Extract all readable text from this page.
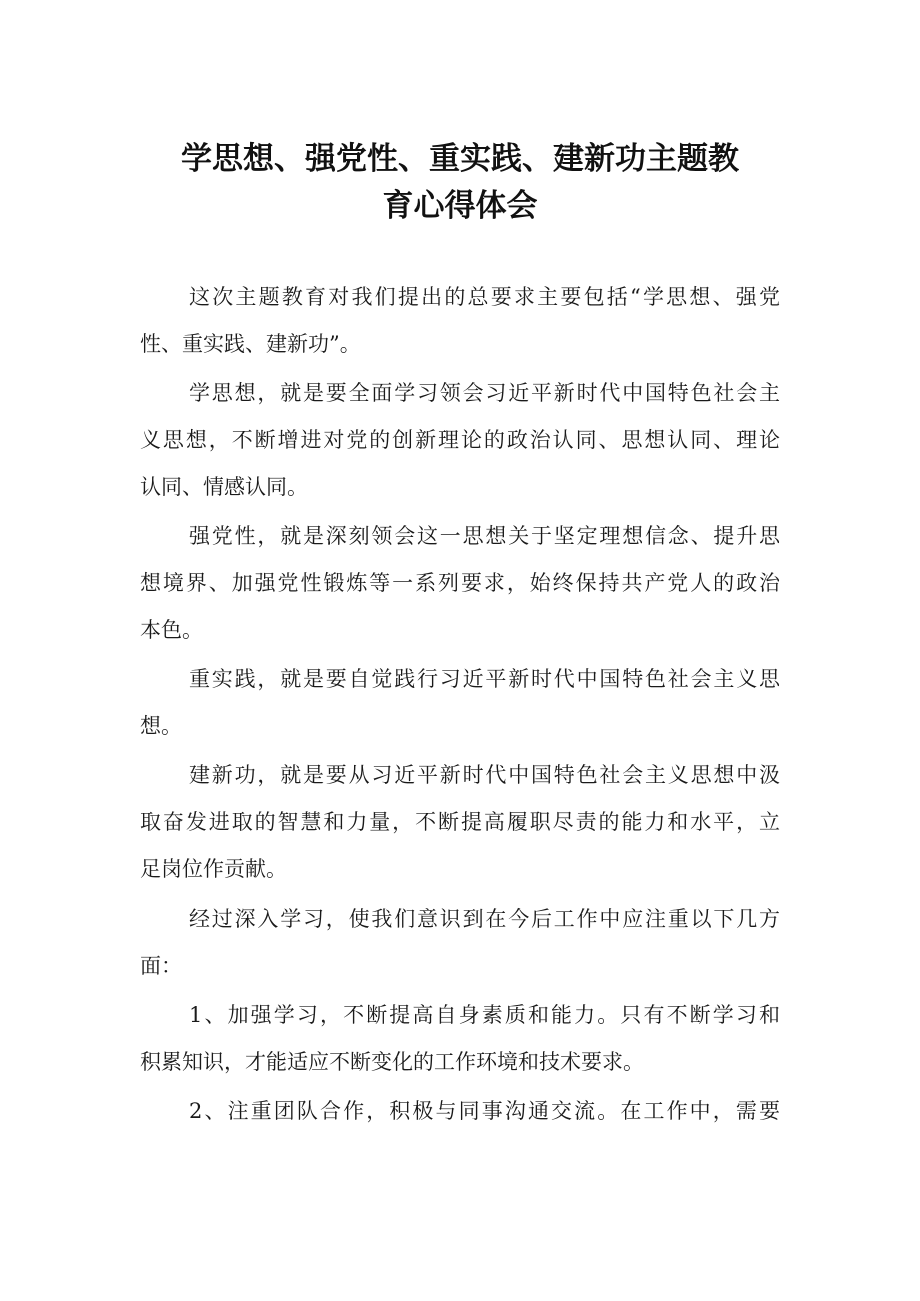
学思想、强党性、重实践、建新功主题教
育心得体会

这次主题教育对我们提出的总要求主要包括“学思想、强党

性、重实践、建新功”。

学思想，就是要全面学习领会习近平新时代中国特色社会主

义思想，不断增进对党的创新理论的政治认同、思想认同、理论

认同、情感认同。

强党性，就是深刻领会这一思想关于坚定理想信念、提升思

想境界、加强党性锻炼等一系列要求，始终保持共产党人的政治

本色。

重实践，就是要自觉践行习近平新时代中国特色社会主义思

想。

建新功，就是要从习近平新时代中国特色社会主义思想中汲

取奋发进取的智慧和力量，不断提高履职尽责的能力和水平，立

足岗位作贡献。

经过深入学习，使我们意识到在今后工作中应注重以下几方

面：

1、加强学习，不断提高自身素质和能力。只有不断学习和

积累知识，才能适应不断变化的工作环境和技术要求。

2、注重团队合作，积极与同事沟通交流。在工作中，需要
